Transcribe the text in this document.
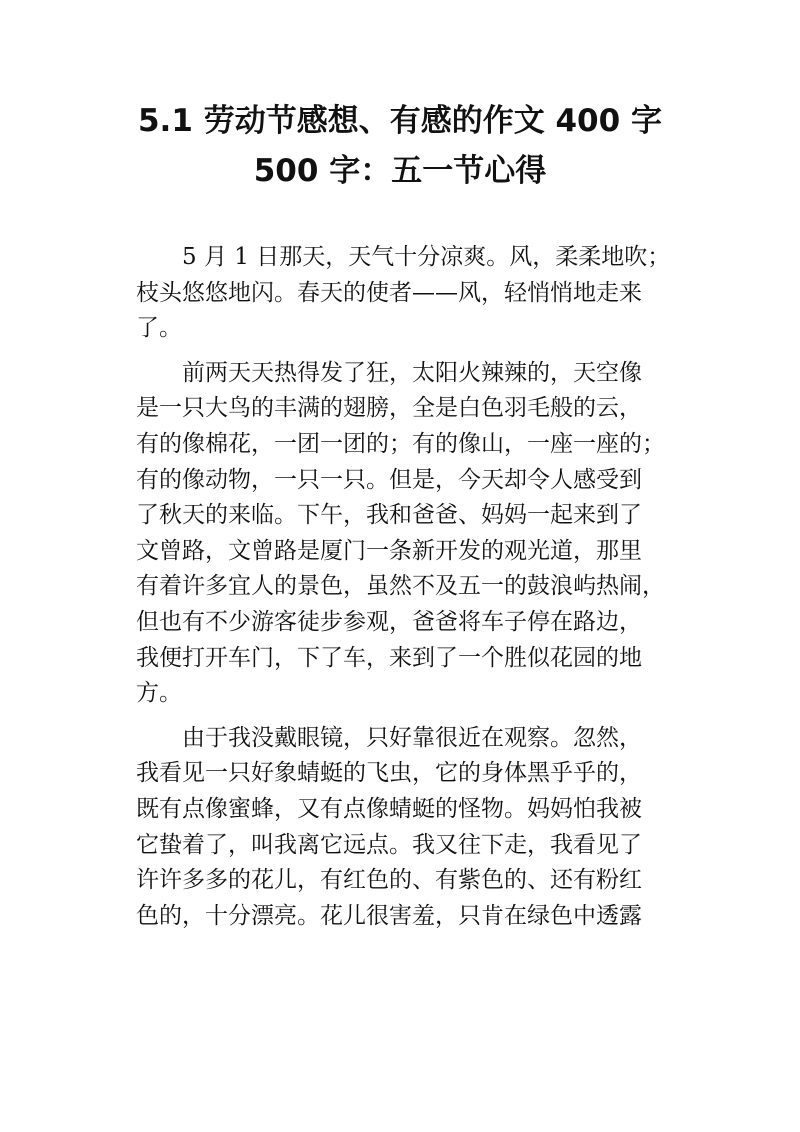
5.1 劳动节感想、有感的作文 400 字
500 字：五一节心得

5 月 1 日那天，天气十分凉爽。风，柔柔地吹；
枝头悠悠地闪。春天的使者——风，轻悄悄地走来
了。

前两天天热得发了狂，太阳火辣辣的，天空像
是一只大鸟的丰满的翅膀，全是白色羽毛般的云，
有的像棉花，一团一团的；有的像山，一座一座的；
有的像动物，一只一只。但是，今天却令人感受到
了秋天的来临。下午，我和爸爸、妈妈一起来到了
文曾路，文曾路是厦门一条新开发的观光道，那里
有着许多宜人的景色，虽然不及五一的鼓浪屿热闹，
但也有不少游客徒步参观，爸爸将车子停在路边，
我便打开车门，下了车，来到了一个胜似花园的地
方。

由于我没戴眼镜，只好靠很近在观察。忽然，
我看见一只好象蜻蜓的飞虫，它的身体黑乎乎的，
既有点像蜜蜂，又有点像蜻蜓的怪物。妈妈怕我被
它蛰着了，叫我离它远点。我又往下走，我看见了
许许多多的花儿，有红色的、有紫色的、还有粉红
色的，十分漂亮。花儿很害羞，只肯在绿色中透露
